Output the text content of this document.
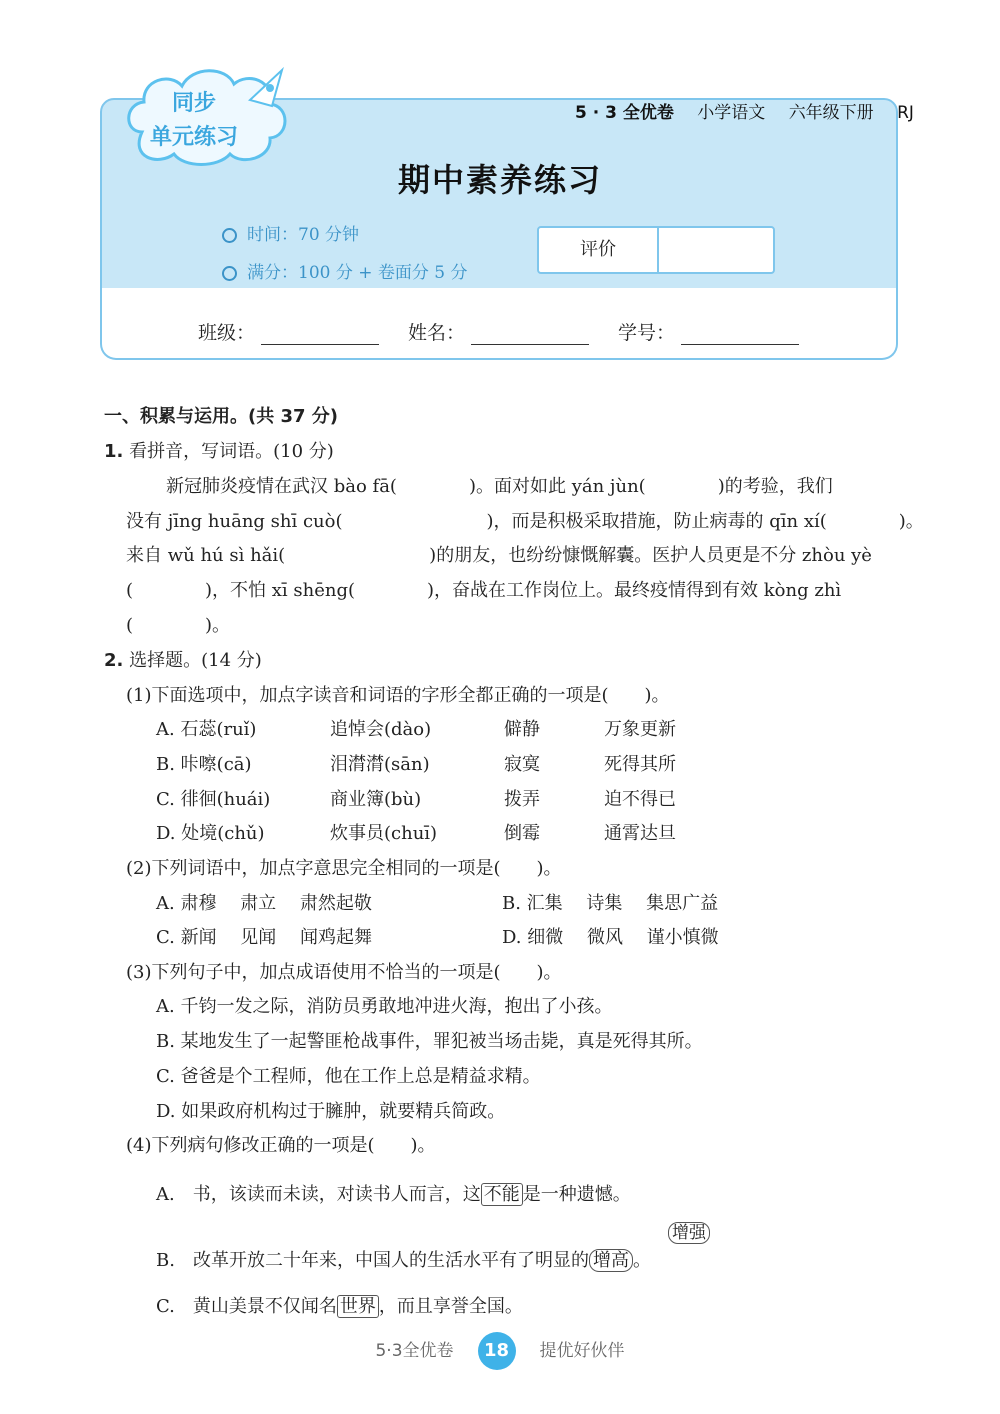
同步
单元练习
5 · 3 全优卷 小学语文 六年级下册 RJ
期中素养练习
时间：70 分钟
满分：100 分 + 卷面分 5 分
评价
班级：	姓名：	学号：
一、积累与运用。(共 37 分)
1. 看拼音，写词语。(10 分)
新冠肺炎疫情在武汉 bào fā(　　　　)。面对如此 yán jùn(　　　　)的考验，我们
没有 jīng huāng shī cuò(　　　　　　　　)，而是积极采取措施，防止病毒的 qīn xí(　　　　)。
来自 wǔ hú sì hǎi(　　　　　　　　)的朋友，也纷纷慷慨解囊。医护人员更是不分 zhòu yè
(　　　　)，不怕 xī shēng(　　　　)，奋战在工作岗位上。最终疫情得到有效 kòng zhì
(　　　　)。
2. 选择题。(14 分)
(1)下面选项中，加点字读音和词语的字形全都正确的一项是(　　)。
A. 石蕊(ruǐ)	追悼会(dào)	僻静	万象更新
B. 咔嚓(cā)	泪潸潸(sān)	寂寞	死得其所
C. 徘徊(huái)	商业簿(bù)	拨弄	迫不得已
D. 处境(chǔ)	炊事员(chuī)	倒霉	通霄达旦
(2)下列词语中，加点字意思完全相同的一项是(　　)。
A. 肃穆　 肃立　 肃然起敬	B. 汇集　 诗集　 集思广益
C. 新闻　 见闻　 闻鸡起舞	D. 细微　 微风　 谨小慎微
(3)下列句子中，加点成语使用不恰当的一项是(　　)。
A. 千钧一发之际，消防员勇敢地冲进火海，抱出了小孩。
B. 某地发生了一起警匪枪战事件，罪犯被当场击毙，真是死得其所。
C. 爸爸是个工程师，他在工作上总是精益求精。
D. 如果政府机构过于臃肿，就要精兵简政。
(4)下列病句修改正确的一项是(　　)。
A.　书，该读而未读，对读书人而言，这 不能 是一种遗憾。
增强
B.　改革开放二十年来，中国人的生活水平有了明显的 增高 。
C.　黄山美景不仅闻名 世界 ，而且享誉全国。
5·3全优卷 18 提优好伙伴
